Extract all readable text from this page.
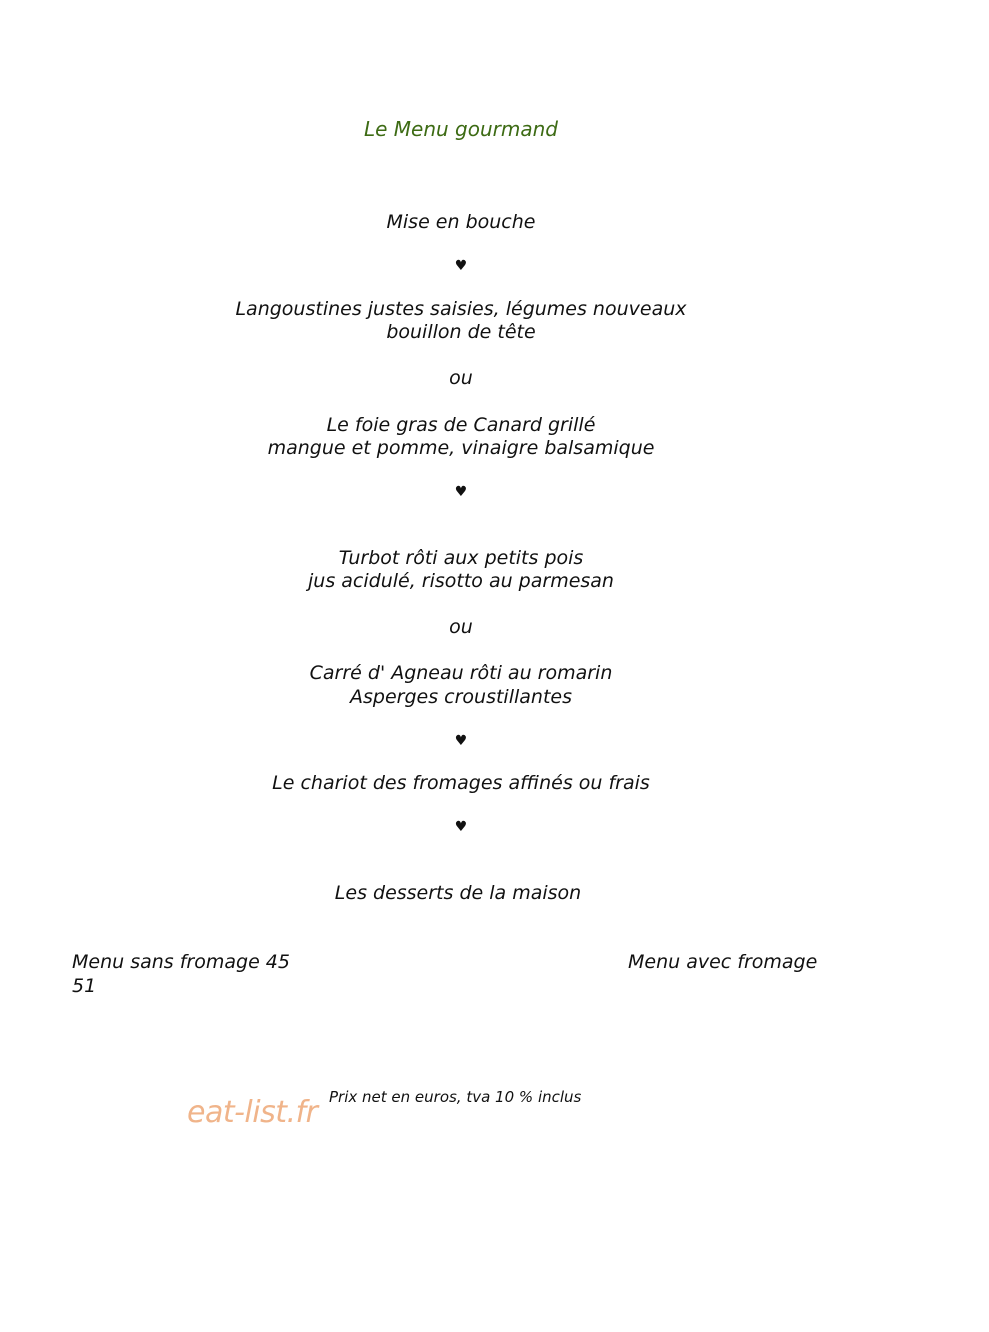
Le Menu gourmand
Mise en bouche
♥
Langoustines justes saisies, légumes nouveaux
bouillon de tête
ou
Le foie gras de Canard grillé
mangue et pomme, vinaigre balsamique
♥
Turbot rôti aux petits pois
jus acidulé, risotto au parmesan
ou
Carré d' Agneau rôti au romarin
Asperges croustillantes
♥
Le chariot des fromages affinés ou frais
♥
Les desserts de la maison
Menu sans fromage 45
51
Menu avec fromage
Prix net en euros, tva 10 % inclus
eat-list.fr
